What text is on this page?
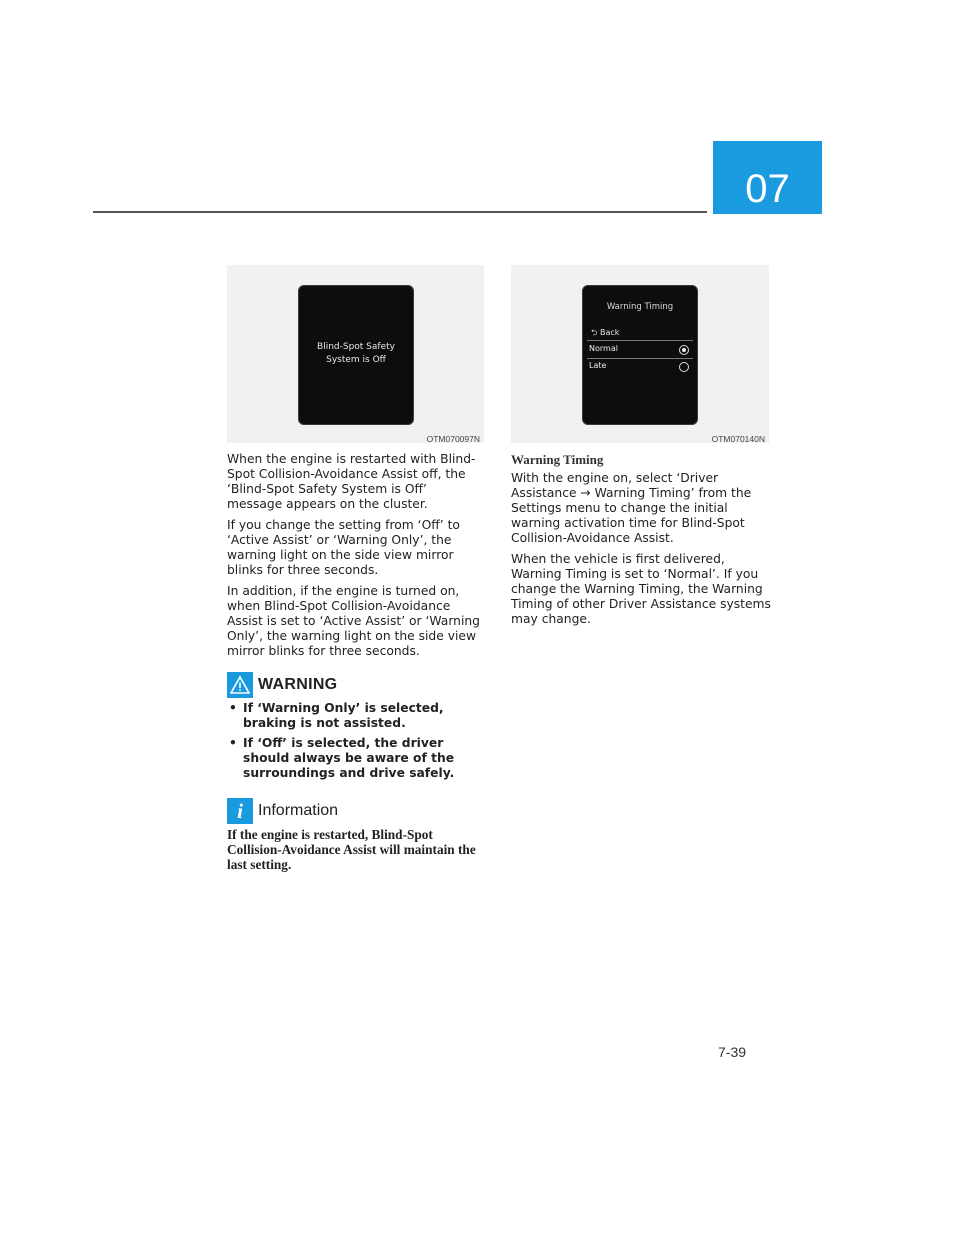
07
Blind-Spot Safety
System is Off
OTM070097N
Warning Timing
⮌ Back
Normal
Late
OTM070140N

When the engine is restarted with Blind-Spot Collision-Avoidance Assist off, the ‘Blind-Spot Safety System is Off’ message appears on the cluster.

If you change the setting from ‘Off’ to ‘Active Assist’ or ‘Warning Only’, the warning light on the side view mirror blinks for three seconds.

In addition, if the engine is turned on, when Blind-Spot Collision-Avoidance Assist is set to ‘Active Assist’ or ‘Warning Only’, the warning light on the side view mirror blinks for three seconds.

WARNING
• If ‘Warning Only’ is selected, braking is not assisted.
• If ‘Off’ is selected, the driver should always be aware of the surroundings and drive safely.
i Information
If the engine is restarted, Blind-Spot Collision-Avoidance Assist will maintain the last setting.
Warning Timing

With the engine on, select ‘Driver Assistance → Warning Timing’ from the Settings menu to change the initial warning activation time for Blind-Spot Collision-Avoidance Assist.

When the vehicle is first delivered, Warning Timing is set to ‘Normal’. If you change the Warning Timing, the Warning Timing of other Driver Assistance systems may change.

7-39
